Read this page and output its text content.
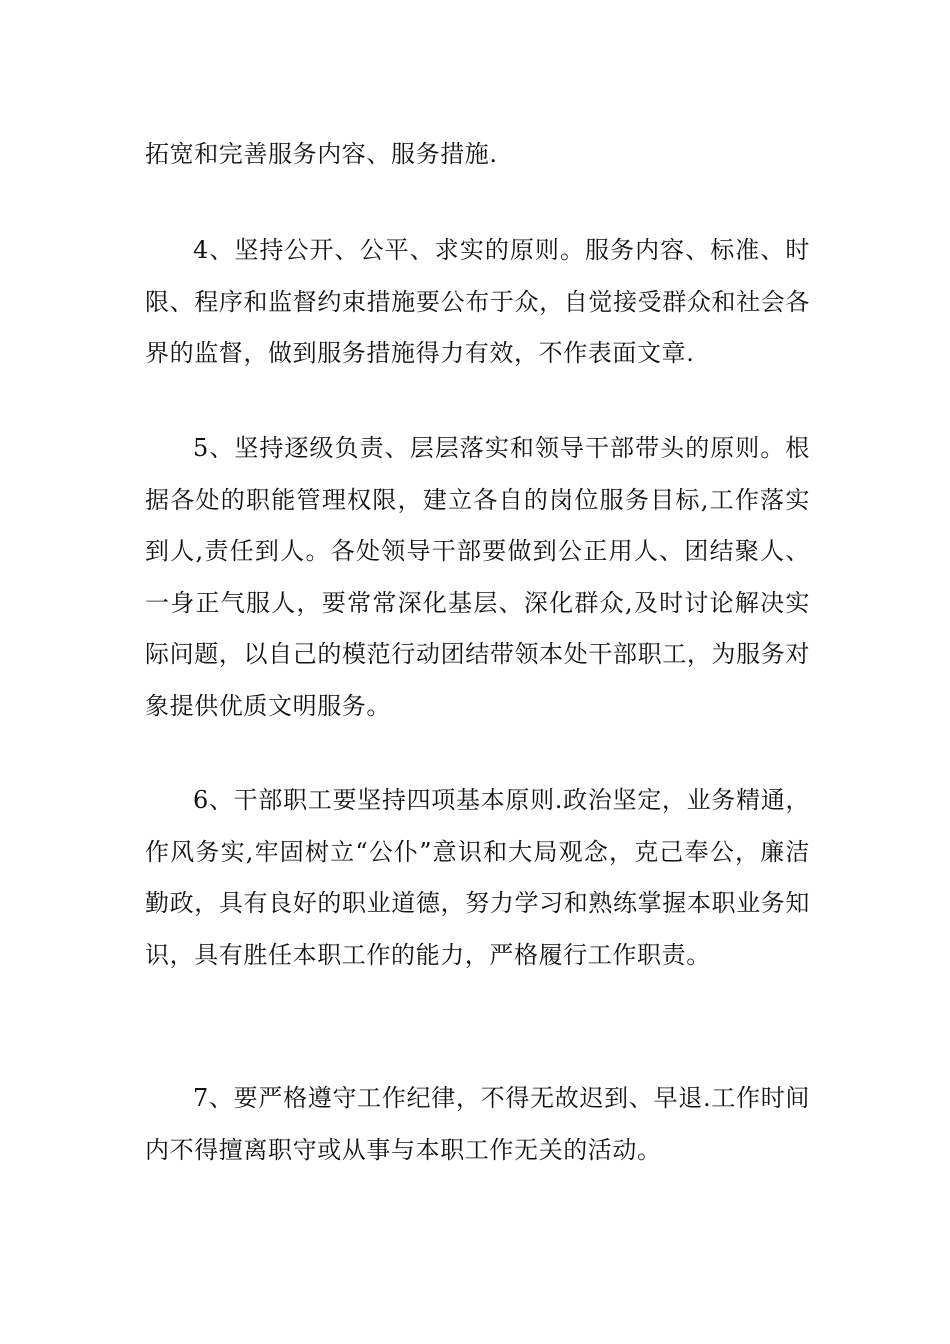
拓宽和完善服务内容、服务措施.

4、坚持公开、公平、求实的原则。服务内容、标准、时限、程序和监督约束措施要公布于众，自觉接受群众和社会各界的监督，做到服务措施得力有效，不作表面文章.

5、坚持逐级负责、层层落实和领导干部带头的原则。根据各处的职能管理权限，建立各自的岗位服务目标,工作落实到人,责任到人。各处领导干部要做到公正用人、团结聚人、一身正气服人，要常常深化基层、深化群众,及时讨论解决实际问题，以自己的模范行动团结带领本处干部职工，为服务对象提供优质文明服务。

6、干部职工要坚持四项基本原则.政治坚定，业务精通，作风务实,牢固树立“公仆”意识和大局观念，克己奉公，廉洁勤政，具有良好的职业道德，努力学习和熟练掌握本职业务知识，具有胜任本职工作的能力，严格履行工作职责。

7、要严格遵守工作纪律，不得无故迟到、早退.工作时间内不得擅离职守或从事与本职工作无关的活动。
